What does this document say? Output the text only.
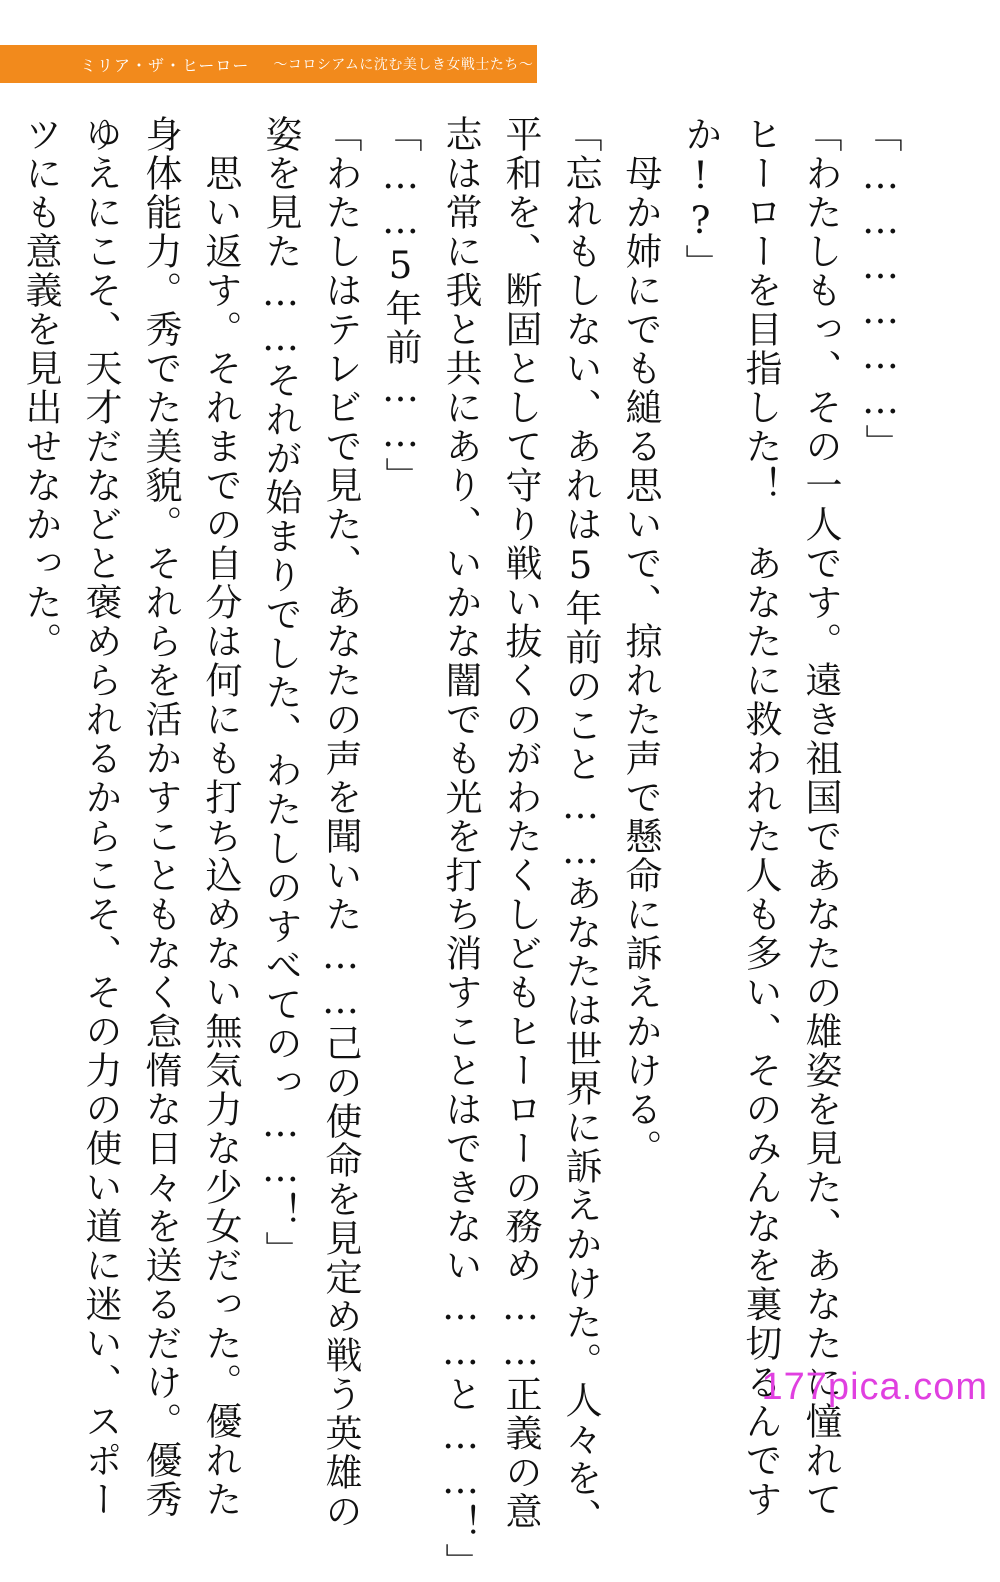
ミリア・ザ・ヒーロー 〜コロシアムに沈む美しき女戦士たち〜

「………………」

「わたしもっ、その一人です。遠き祖国であなたの雄姿を見た、あなたに憧れて
ヒーローを目指した！　あなたに救われた人も多い、そのみんなを裏切るんです
か!?」

　母か姉にでも縋る思いで、掠れた声で懸命に訴えかける。

「忘れもしない、あれは5年前のこと……あなたは世界に訴えかけた。人々を、
平和を、断固として守り戦い抜くのがわたくしどもヒーローの務め……正義の意
志は常に我と共にあり、いかな闇でも光を打ち消すことはできない……と……！」

「……5年前……」

「わたしはテレビで見た、あなたの声を聞いた……己の使命を見定め戦う英雄の
姿を見た……それが始まりでした、わたしのすべてのっ……！」

　思い返す。それまでの自分は何にも打ち込めない無気力な少女だった。優れた
身体能力。秀でた美貌。それらを活かすこともなく怠惰な日々を送るだけ。優秀
ゆえにこそ、天才だなどと褒められるからこそ、その力の使い道に迷い、スポー
ツにも意義を見出せなかった。

177pica.com
